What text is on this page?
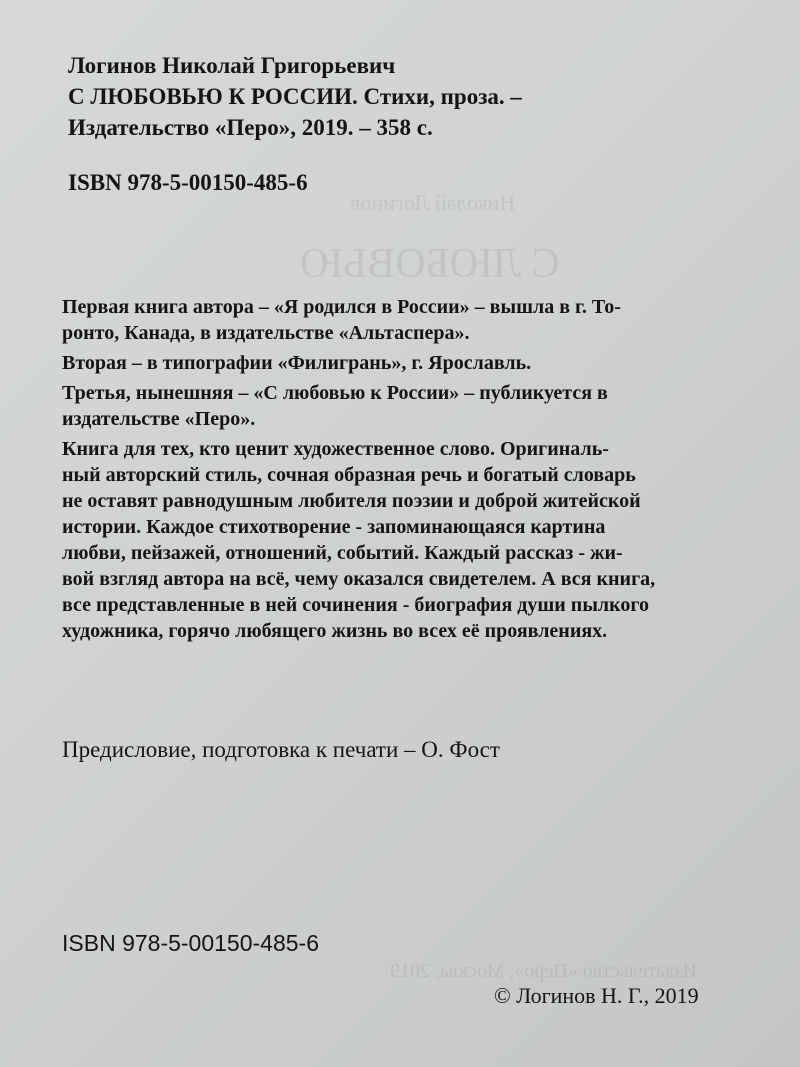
Николай Логинов
С ЛЮБОВЬЮ
Издательство «Перо», Москва, 2019
Логинов Николай Григорьевич
С ЛЮБОВЬЮ К РОССИИ. Стихи, проза. –
Издательство «Перо», 2019. – 358 с.
ISBN 978-5-00150-485-6
Первая книга автора – «Я родился в России» – вышла в г. То-
ронто, Канада, в издательстве «Альтаспера».
Вторая – в типографии «Филигрань», г. Ярославль.
Третья, нынешняя – «С любовью к России» – публикуется в
издательстве «Перо».
Книга для тех, кто ценит художественное слово. Оригиналь-
ный авторский стиль, сочная образная речь и богатый словарь
не оставят равнодушным любителя поэзии и доброй житейской
истории. Каждое стихотворение - запоминающаяся картина
любви, пейзажей, отношений, событий. Каждый рассказ - жи-
вой взгляд автора на всё, чему оказался свидетелем. А вся книга,
все представленные в ней сочинения - биография души пылкого
художника, горячо любящего жизнь во всех её проявлениях.
Предисловие, подготовка к печати – О. Фост
ISBN 978-5-00150-485-6
© Логинов Н. Г., 2019
